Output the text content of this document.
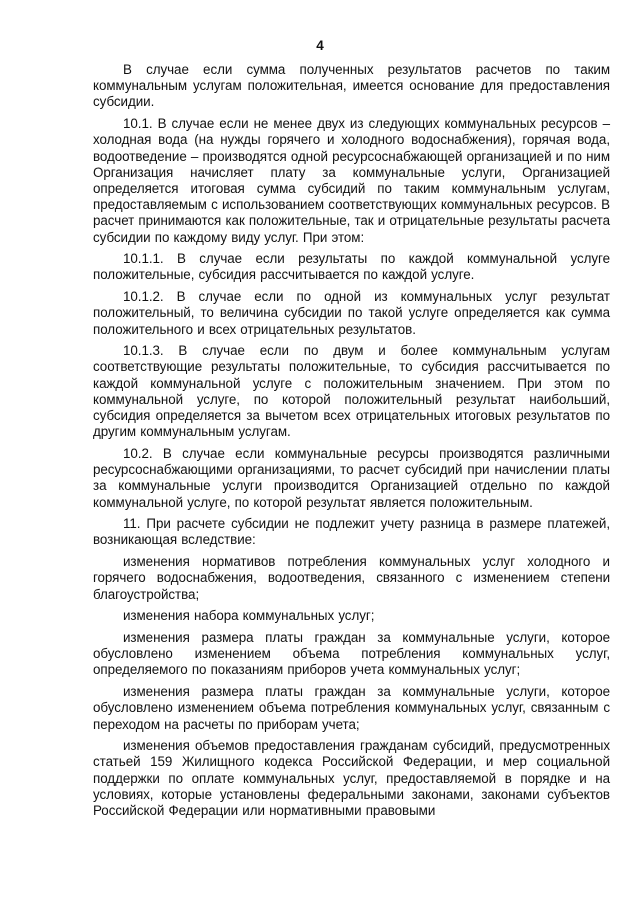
4

В случае если сумма полученных результатов расчетов по таким коммунальным услугам положительная, имеется основание для предоставления субсидии.

10.1. В случае если не менее двух из следующих коммунальных ресурсов – холодная вода (на нужды горячего и холодного водоснабжения), горячая вода, водоотведение – производятся одной ресурсоснабжающей организацией и по ним Организация начисляет плату за коммунальные услуги, Организацией определяется итоговая сумма субсидий по таким коммунальным услугам, предоставляемым с использованием соответствующих коммунальных ресурсов. В расчет принимаются как положительные, так и отрицательные результаты расчета субсидии по каждому виду услуг. При этом:

10.1.1. В случае если результаты по каждой коммунальной услуге положительные, субсидия рассчитывается по каждой услуге.

10.1.2. В случае если по одной из коммунальных услуг результат положительный, то величина субсидии по такой услуге определяется как сумма положительного и всех отрицательных результатов.

10.1.3. В случае если по двум и более коммунальным услугам соответствующие результаты положительные, то субсидия рассчитывается по каждой коммунальной услуге с положительным значением. При этом по коммунальной услуге, по которой положительный результат наибольший, субсидия определяется за вычетом всех отрицательных итоговых результатов по другим коммунальным услугам.

10.2. В случае если коммунальные ресурсы производятся различными ресурсоснабжающими организациями, то расчет субсидий при начислении платы за коммунальные услуги производится Организацией отдельно по каждой коммунальной услуге, по которой результат является положительным.

11. При расчете субсидии не подлежит учету разница в размере платежей, возникающая вследствие:

изменения нормативов потребления коммунальных услуг холодного и горячего водоснабжения, водоотведения, связанного с изменением степени благоустройства;

изменения набора коммунальных услуг;

изменения размера платы граждан за коммунальные услуги, которое обусловлено изменением объема потребления коммунальных услуг, определяемого по показаниям приборов учета коммунальных услуг;

изменения размера платы граждан за коммунальные услуги, которое обусловлено изменением объема потребления коммунальных услуг, связанным с переходом на расчеты по приборам учета;

изменения объемов предоставления гражданам субсидий, предусмотренных статьей 159 Жилищного кодекса Российской Федерации, и мер социальной поддержки по оплате коммунальных услуг, предоставляемой в порядке и на условиях, которые установлены федеральными законами, законами субъектов Российской Федерации или нормативными правовыми
